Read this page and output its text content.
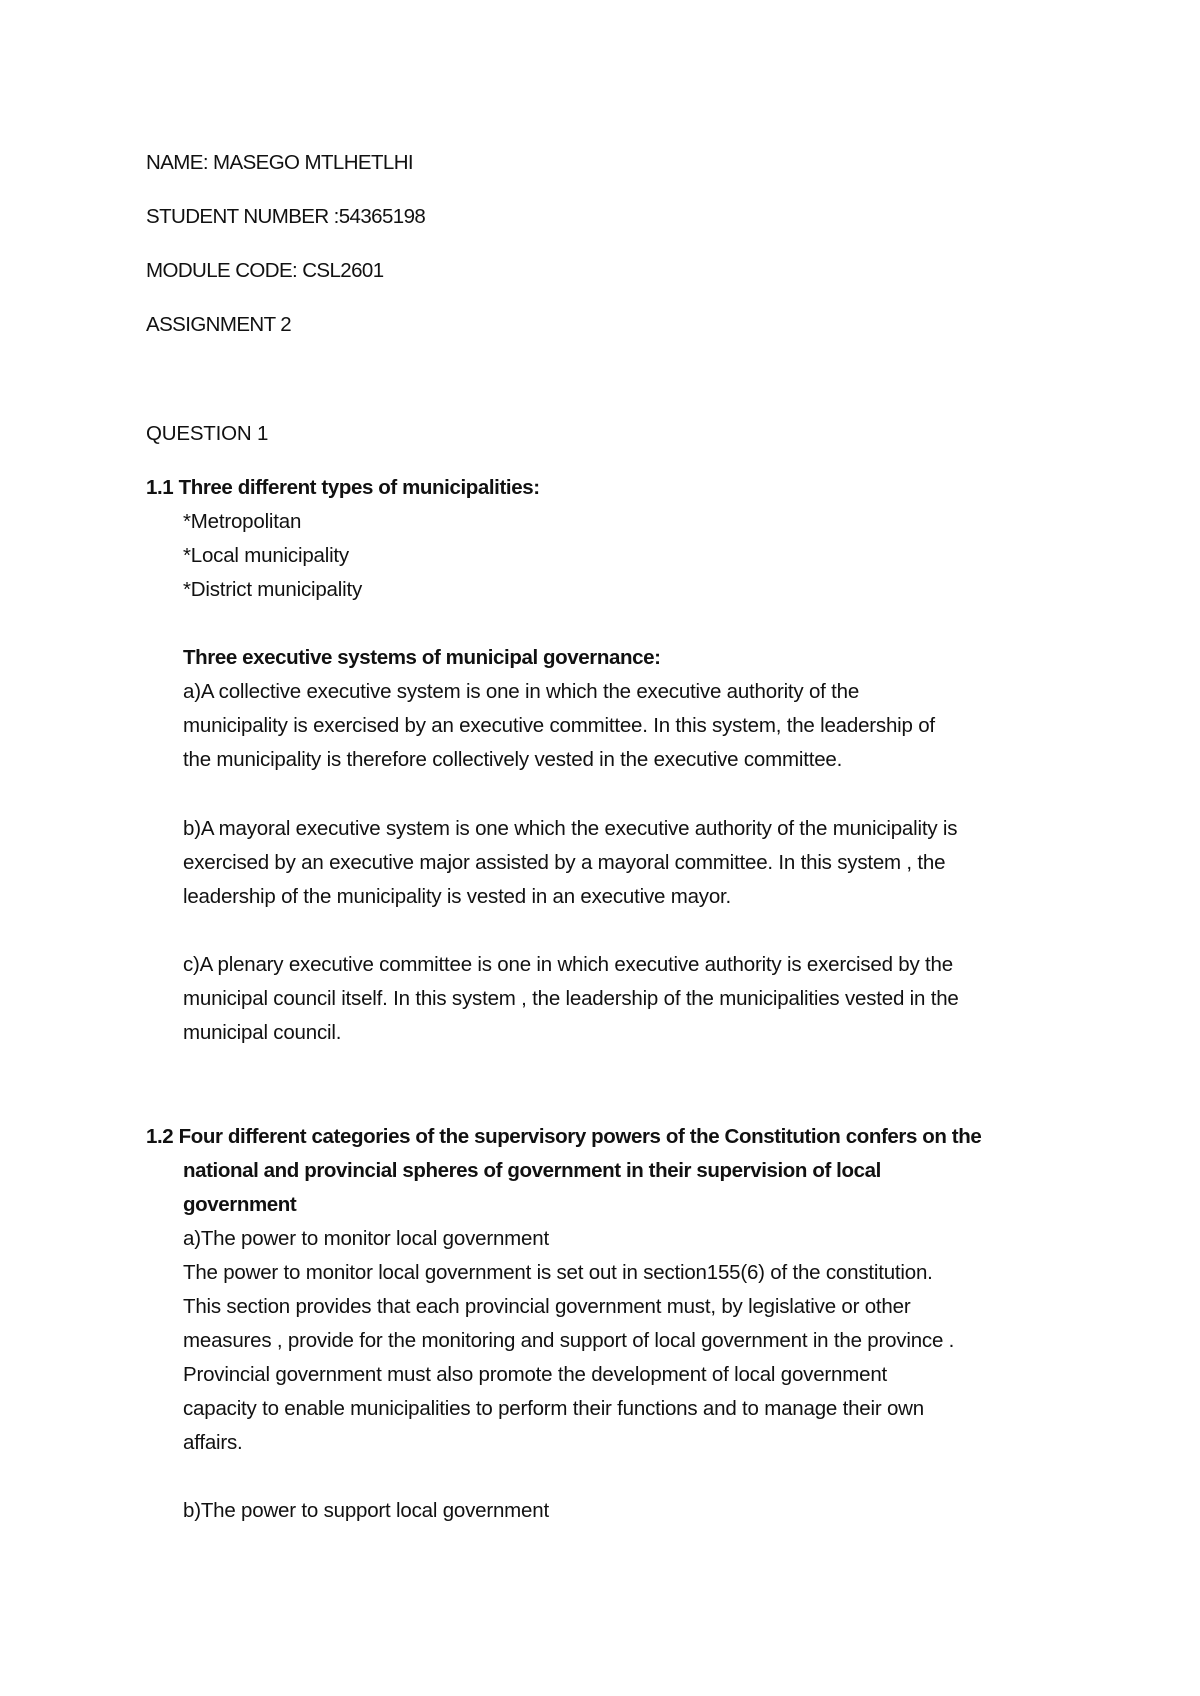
NAME: MASEGO MTLHETLHI
STUDENT NUMBER :54365198
MODULE CODE: CSL2601
ASSIGNMENT 2
QUESTION 1
1.1 Three different types of municipalities:
*Metropolitan
*Local municipality
*District municipality
Three executive systems of municipal governance:
a)A collective executive system is one in which the executive authority of the
municipality is exercised by an executive committee. In this system, the leadership of
the municipality is therefore collectively vested in the executive committee.
b)A mayoral executive system is one which the executive authority of the municipality is
exercised by an executive major assisted by a mayoral committee. In this system , the
leadership of the municipality is vested in an executive mayor.
c)A plenary executive committee is one in which executive authority is exercised by the
municipal council itself. In this system , the leadership of the municipalities vested in the
municipal council.
1.2 Four different categories of the supervisory powers of the Constitution confers on the
national and provincial spheres of government in their supervision of local
government
a)The power to monitor local government
The power to monitor local government is set out in section155(6) of the constitution.
This section provides that each provincial government must, by legislative or other
measures , provide for the monitoring and support of local government in the province .
Provincial government must also promote the development of local government
capacity to enable municipalities to perform their functions and to manage their own
affairs.
b)The power to support local government
